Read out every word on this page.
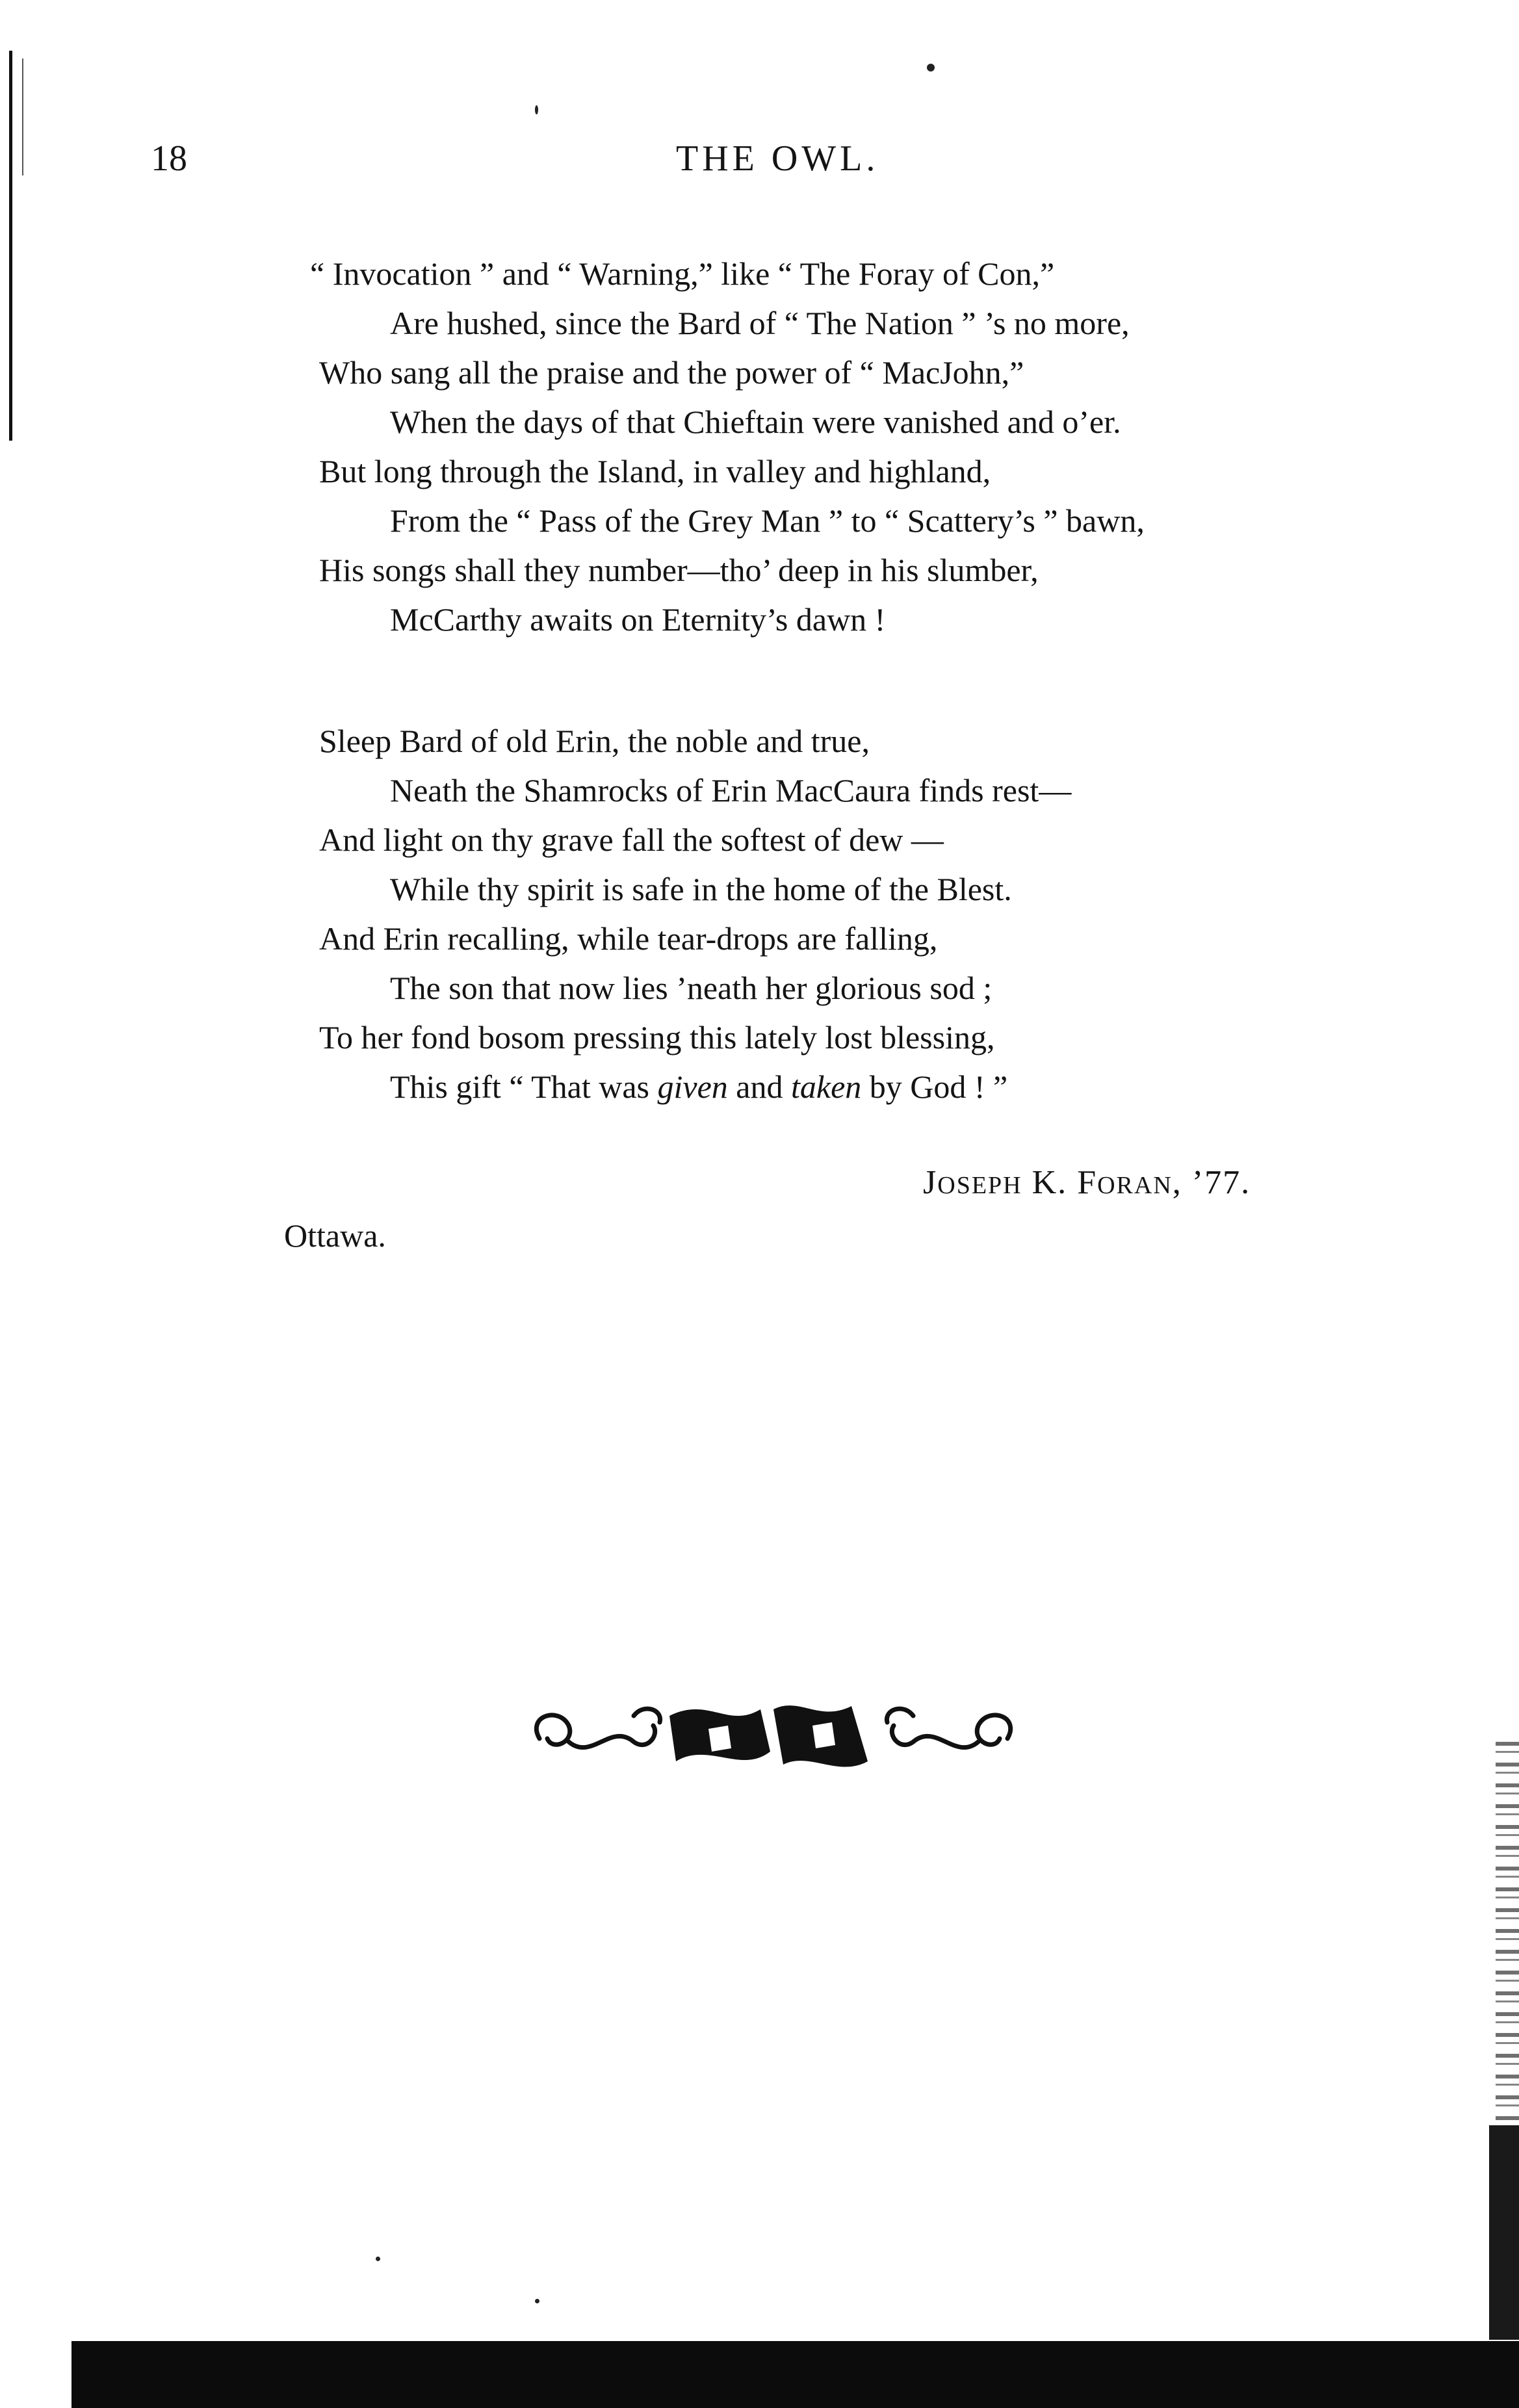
18	THE OWL.
“ Invocation ” and “ Warning,” like “ The Foray of Con,”
Are hushed, since the Bard of “ The Nation ” ’s no more,
Who sang all the praise and the power of “ MacJohn,”
When the days of that Chieftain were vanished and o’er.
But long through the Island, in valley and highland,
From the “ Pass of the Grey Man ” to “ Scattery’s ” bawn,
His songs shall they number—tho’ deep in his slumber,
McCarthy awaits on Eternity’s dawn !
Sleep Bard of old Erin, the noble and true,
Neath the Shamrocks of Erin MacCaura finds rest—
And light on thy grave fall the softest of dew —
While thy spirit is safe in the home of the Blest.
And Erin recalling, while tear-drops are falling,
The son that now lies ’neath her glorious sod ;
To her fond bosom pressing this lately lost blessing,
This gift “ That was given and taken by God ! ”
JOSEPH K. FORAN, ’77.
Ottawa.
